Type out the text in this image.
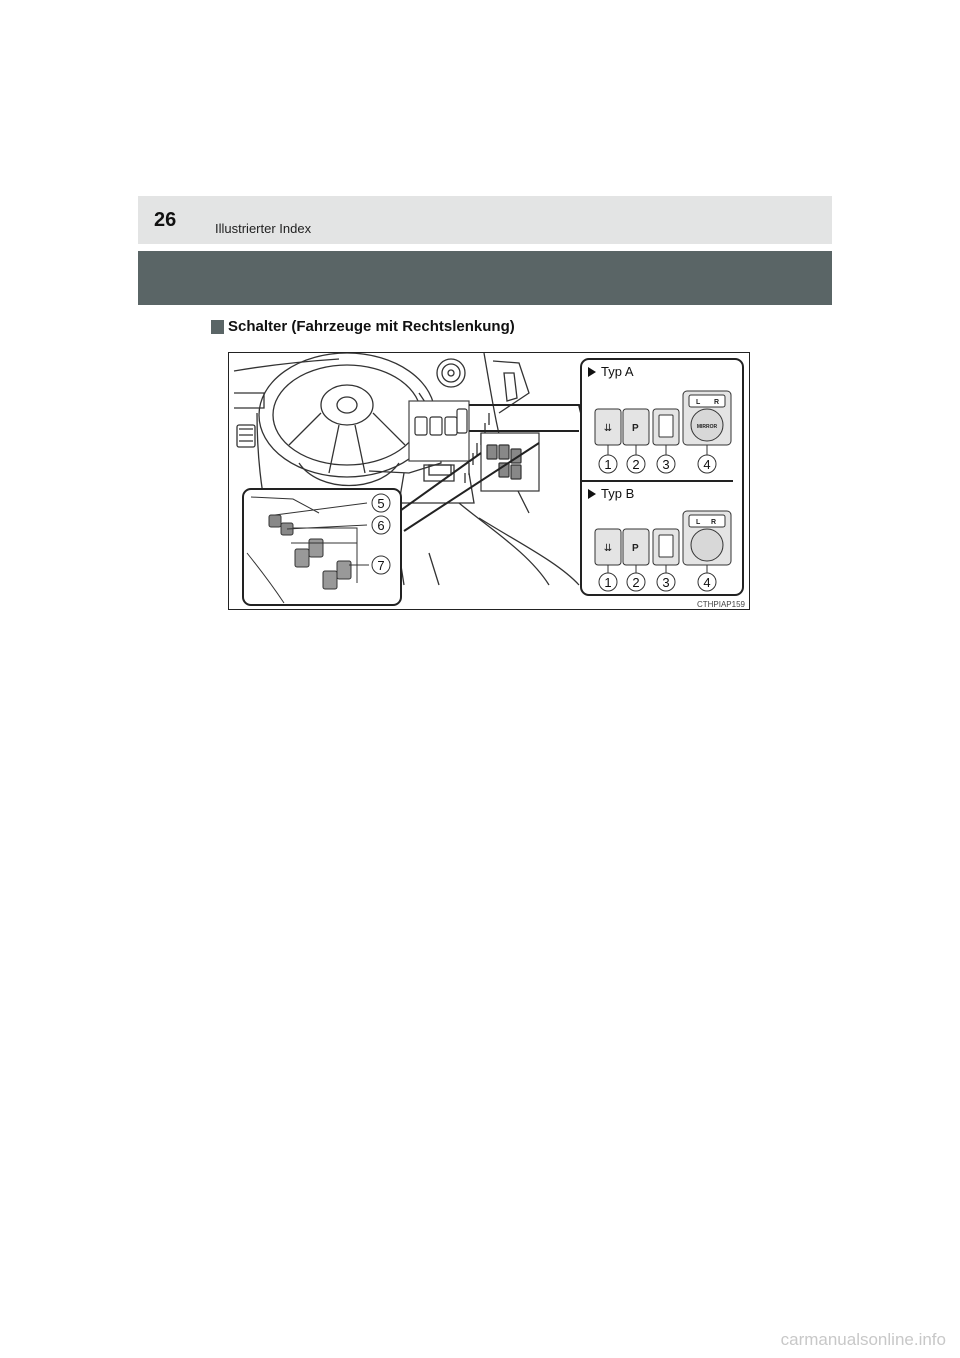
26	Illustrierter Index
Schalter (Fahrzeuge mit Rechtslenkung)
Typ A
⇊ P
L R
MIRROR
1 2 3	4
Typ B
⇊ P
L R
1 2 3	4
5
6
7
CTHPIAP159
carmanualsonline.info
